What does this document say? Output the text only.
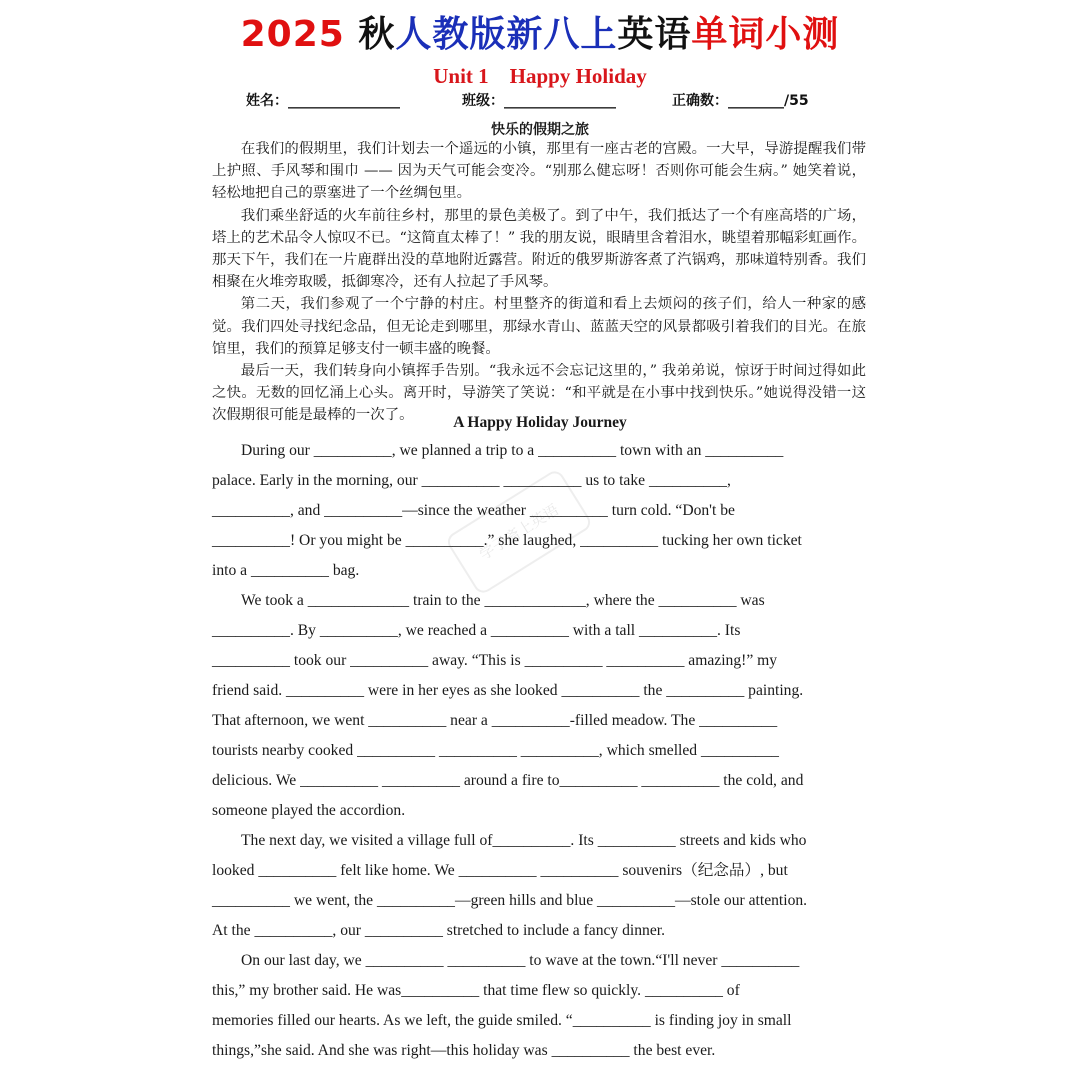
2025 秋人教版新八上英语单词小测
Unit 1    Happy Holiday
姓名：________________	班级：________________	正确数：________/55
快乐的假期之旅

在我们的假期里，我们计划去一个遥远的小镇，那里有一座古老的宫殿。一大早，导游提醒我们带上护照、手风琴和围巾 —— 因为天气可能会变冷。“别那么健忘呀！否则你可能会生病。” 她笑着说，轻松地把自己的票塞进了一个丝绸包里。

我们乘坐舒适的火车前往乡村，那里的景色美极了。到了中午，我们抵达了一个有座高塔的广场，塔上的艺术品令人惊叹不已。“这简直太棒了！” 我的朋友说，眼睛里含着泪水，眺望着那幅彩虹画作。那天下午，我们在一片鹿群出没的草地附近露营。附近的俄罗斯游客煮了汽锅鸡，那味道特别香。我们相聚在火堆旁取暖，抵御寒冷，还有人拉起了手风琴。

第二天，我们参观了一个宁静的村庄。村里整齐的街道和看上去烦闷的孩子们，给人一种家的感觉。我们四处寻找纪念品，但无论走到哪里，那绿水青山、蓝蓝天空的风景都吸引着我们的目光。在旅馆里，我们的预算足够支付一顿丰盛的晚餐。

最后一天，我们转身向小镇挥手告别。“我永远不会忘记这里的，” 我弟弟说，惊讶于时间过得如此之快。无数的回忆涌上心头。离开时，导游笑了笑说：“和平就是在小事中找到快乐。”她说得没错一这次假期很可能是最棒的一次了。	A Happy Holiday Journey
学子斋上英语
During our __________, we planned a trip to a __________ town with an __________
palace. Early in the morning, our __________ __________ us to take __________,
__________, and __________—since the weather __________ turn cold. “Don't be
__________! Or you might be __________.” she laughed, __________ tucking her own ticket
into a __________ bag.
We took a _____________ train to the _____________, where the __________ was
__________. By __________, we reached a __________ with a tall __________. Its
__________ took our __________ away. “This is __________ __________ amazing!” my
friend said. __________ were in her eyes as she looked __________ the __________ painting.
That afternoon, we went __________ near a __________-filled meadow. The __________
tourists nearby cooked __________ __________ __________, which smelled __________
delicious. We __________ __________ around a fire to__________ __________ the cold, and
someone played the accordion.
The next day, we visited a village full of__________. Its __________ streets and kids who
looked __________ felt like home. We __________ __________ souvenirs（纪念品）, but
__________ we went, the __________—green hills and blue __________—stole our attention.
At the __________, our __________ stretched to include a fancy dinner.
On our last day, we __________ __________ to wave at the town.“I'll never __________
this,” my brother said. He was__________ that time flew so quickly. __________ of
memories filled our hearts. As we left, the guide smiled. “__________ is finding joy in small
things,”she said. And she was right—this holiday was __________ the best ever.
